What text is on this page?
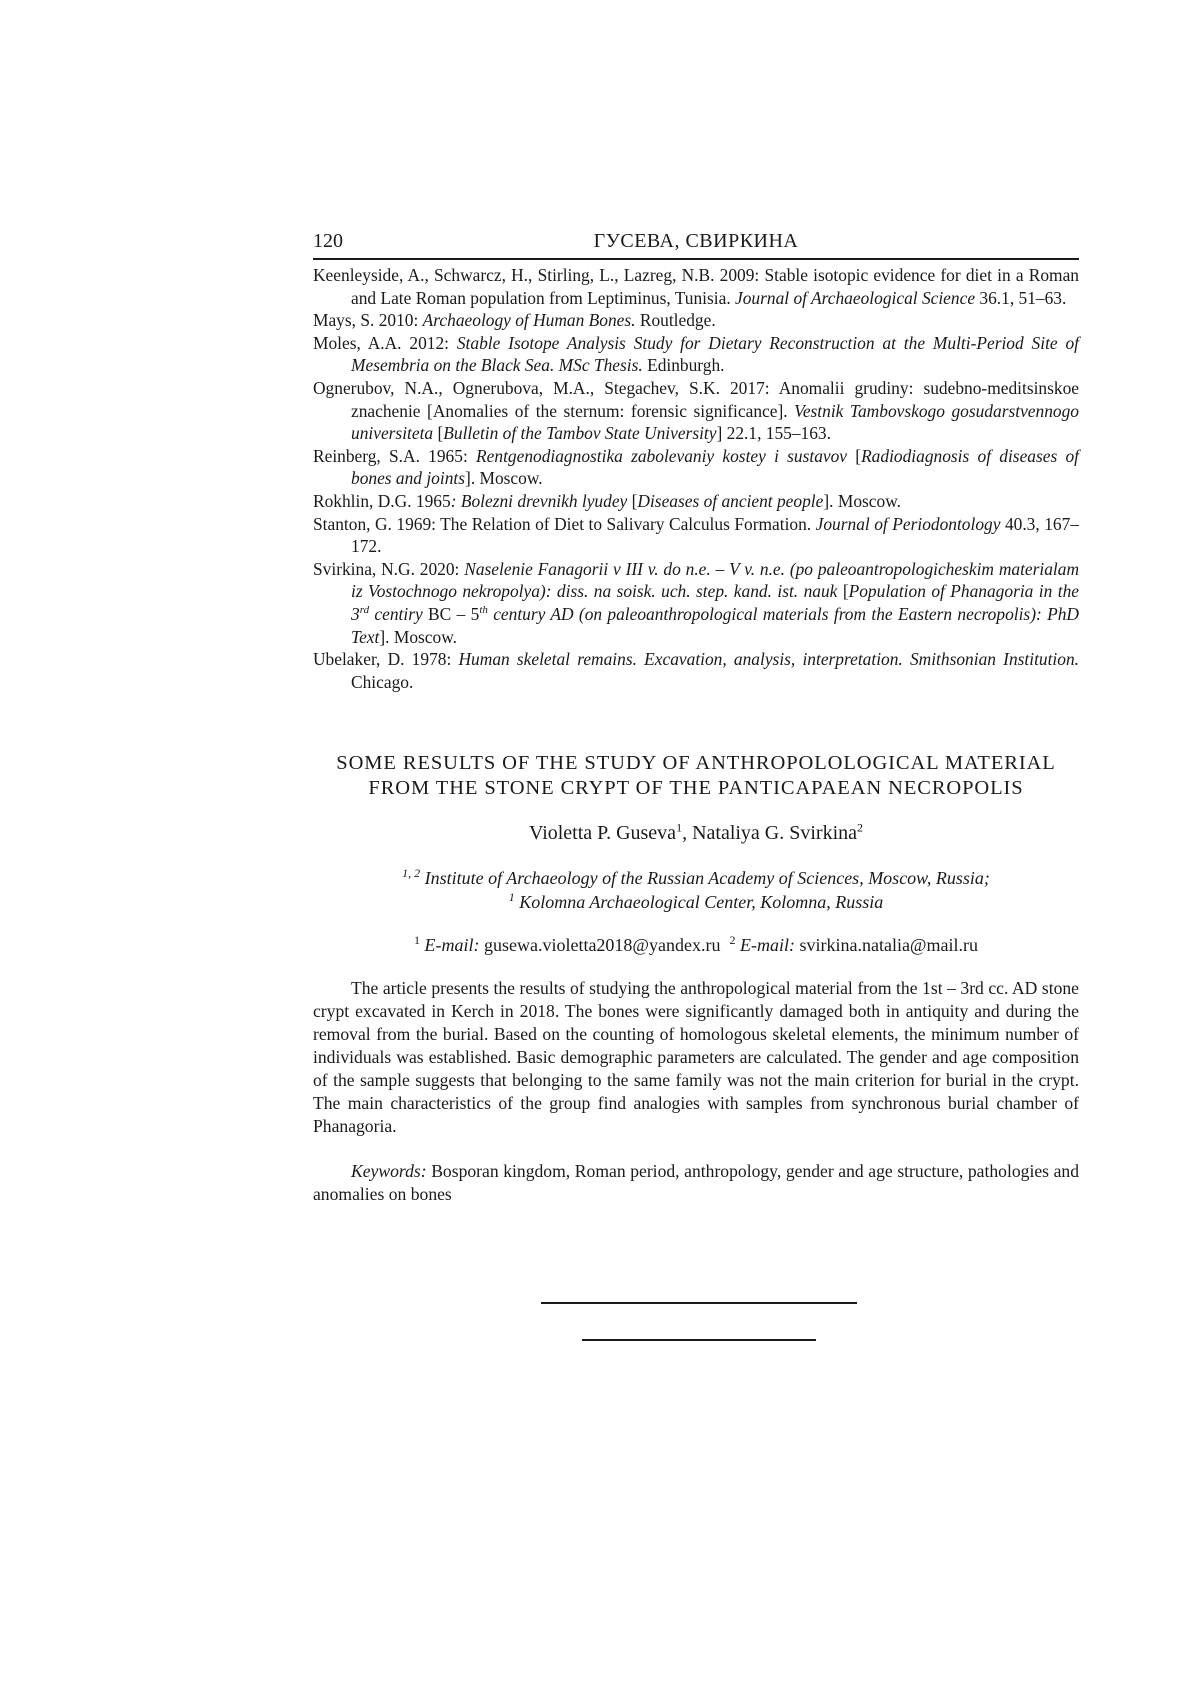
120	ГУСЕВА, СВИРКИНА

Keenleyside, A., Schwarcz, H., Stirling, L., Lazreg, N.B. 2009: Stable isotopic evidence for diet in a Roman and Late Roman population from Leptiminus, Tunisia. Journal of Archaeological Science 36.1, 51–63.

Mays, S. 2010: Archaeology of Human Bones. Routledge.

Moles, A.A. 2012: Stable Isotope Analysis Study for Dietary Reconstruction at the Multi-Period Site of Mesembria on the Black Sea. MSc Thesis. Edinburgh.

Ognerubov, N.A., Ognerubova, M.A., Stegachev, S.K. 2017: Anomalii grudiny: sudebno-meditsinskoe znachenie [Anomalies of the sternum: forensic significance]. Vestnik Tambovskogo gosudarstvennogo universiteta [Bulletin of the Tambov State University] 22.1, 155–163.

Reinberg, S.A. 1965: Rentgenodiagnostika zabolevaniy kostey i sustavov [Radiodiagnosis of diseases of bones and joints]. Moscow.

Rokhlin, D.G. 1965: Bolezni drevnikh lyudey [Diseases of ancient people]. Moscow.

Stanton, G. 1969: The Relation of Diet to Salivary Calculus Formation. Journal of Periodontology 40.3, 167–172.

Svirkina, N.G. 2020: Naselenie Fanagorii v III v. do n.e. – V v. n.e. (po paleoantropologicheskim materialam iz Vostochnogo nekropolya): diss. na soisk. uch. step. kand. ist. nauk [Population of Phanagoria in the 3rd centiry BC – 5th century AD (on paleoanthropological materials from the Eastern necropolis): PhD Text]. Moscow.

Ubelaker, D. 1978: Human skeletal remains. Excavation, analysis, interpretation. Smithsonian Institution. Chicago.

SOME RESULTS OF THE STUDY OF ANTHROPOLOLOGICAL MATERIAL
FROM THE STONE CRYPT OF THE PANTICAPAEAN NECROPOLIS
Violetta P. Guseva$^1$, Nataliya G. Svirkina$^2$
$^{1, 2}$ Institute of Archaeology of the Russian Academy of Sciences, Moscow, Russia;
$^1$ Kolomna Archaeological Center, Kolomna, Russia
$^1$ E-mail: gusewa.violetta2018@yandex.ru $^2$ E-mail: svirkina.natalia@mail.ru

The article presents the results of studying the anthropological material from the 1st – 3rd cc. AD stone crypt excavated in Kerch in 2018. The bones were significantly damaged both in antiquity and during the removal from the burial. Based on the counting of homologous skeletal elements, the minimum number of individuals was established. Basic demographic parameters are calculated. The gender and age composition of the sample suggests that belonging to the same family was not the main criterion for burial in the crypt. The main characteristics of the group find analogies with samples from synchronous burial chamber of Phanagoria.

Keywords: Bosporan kingdom, Roman period, anthropology, gender and age structure, pathologies and anomalies on bones
